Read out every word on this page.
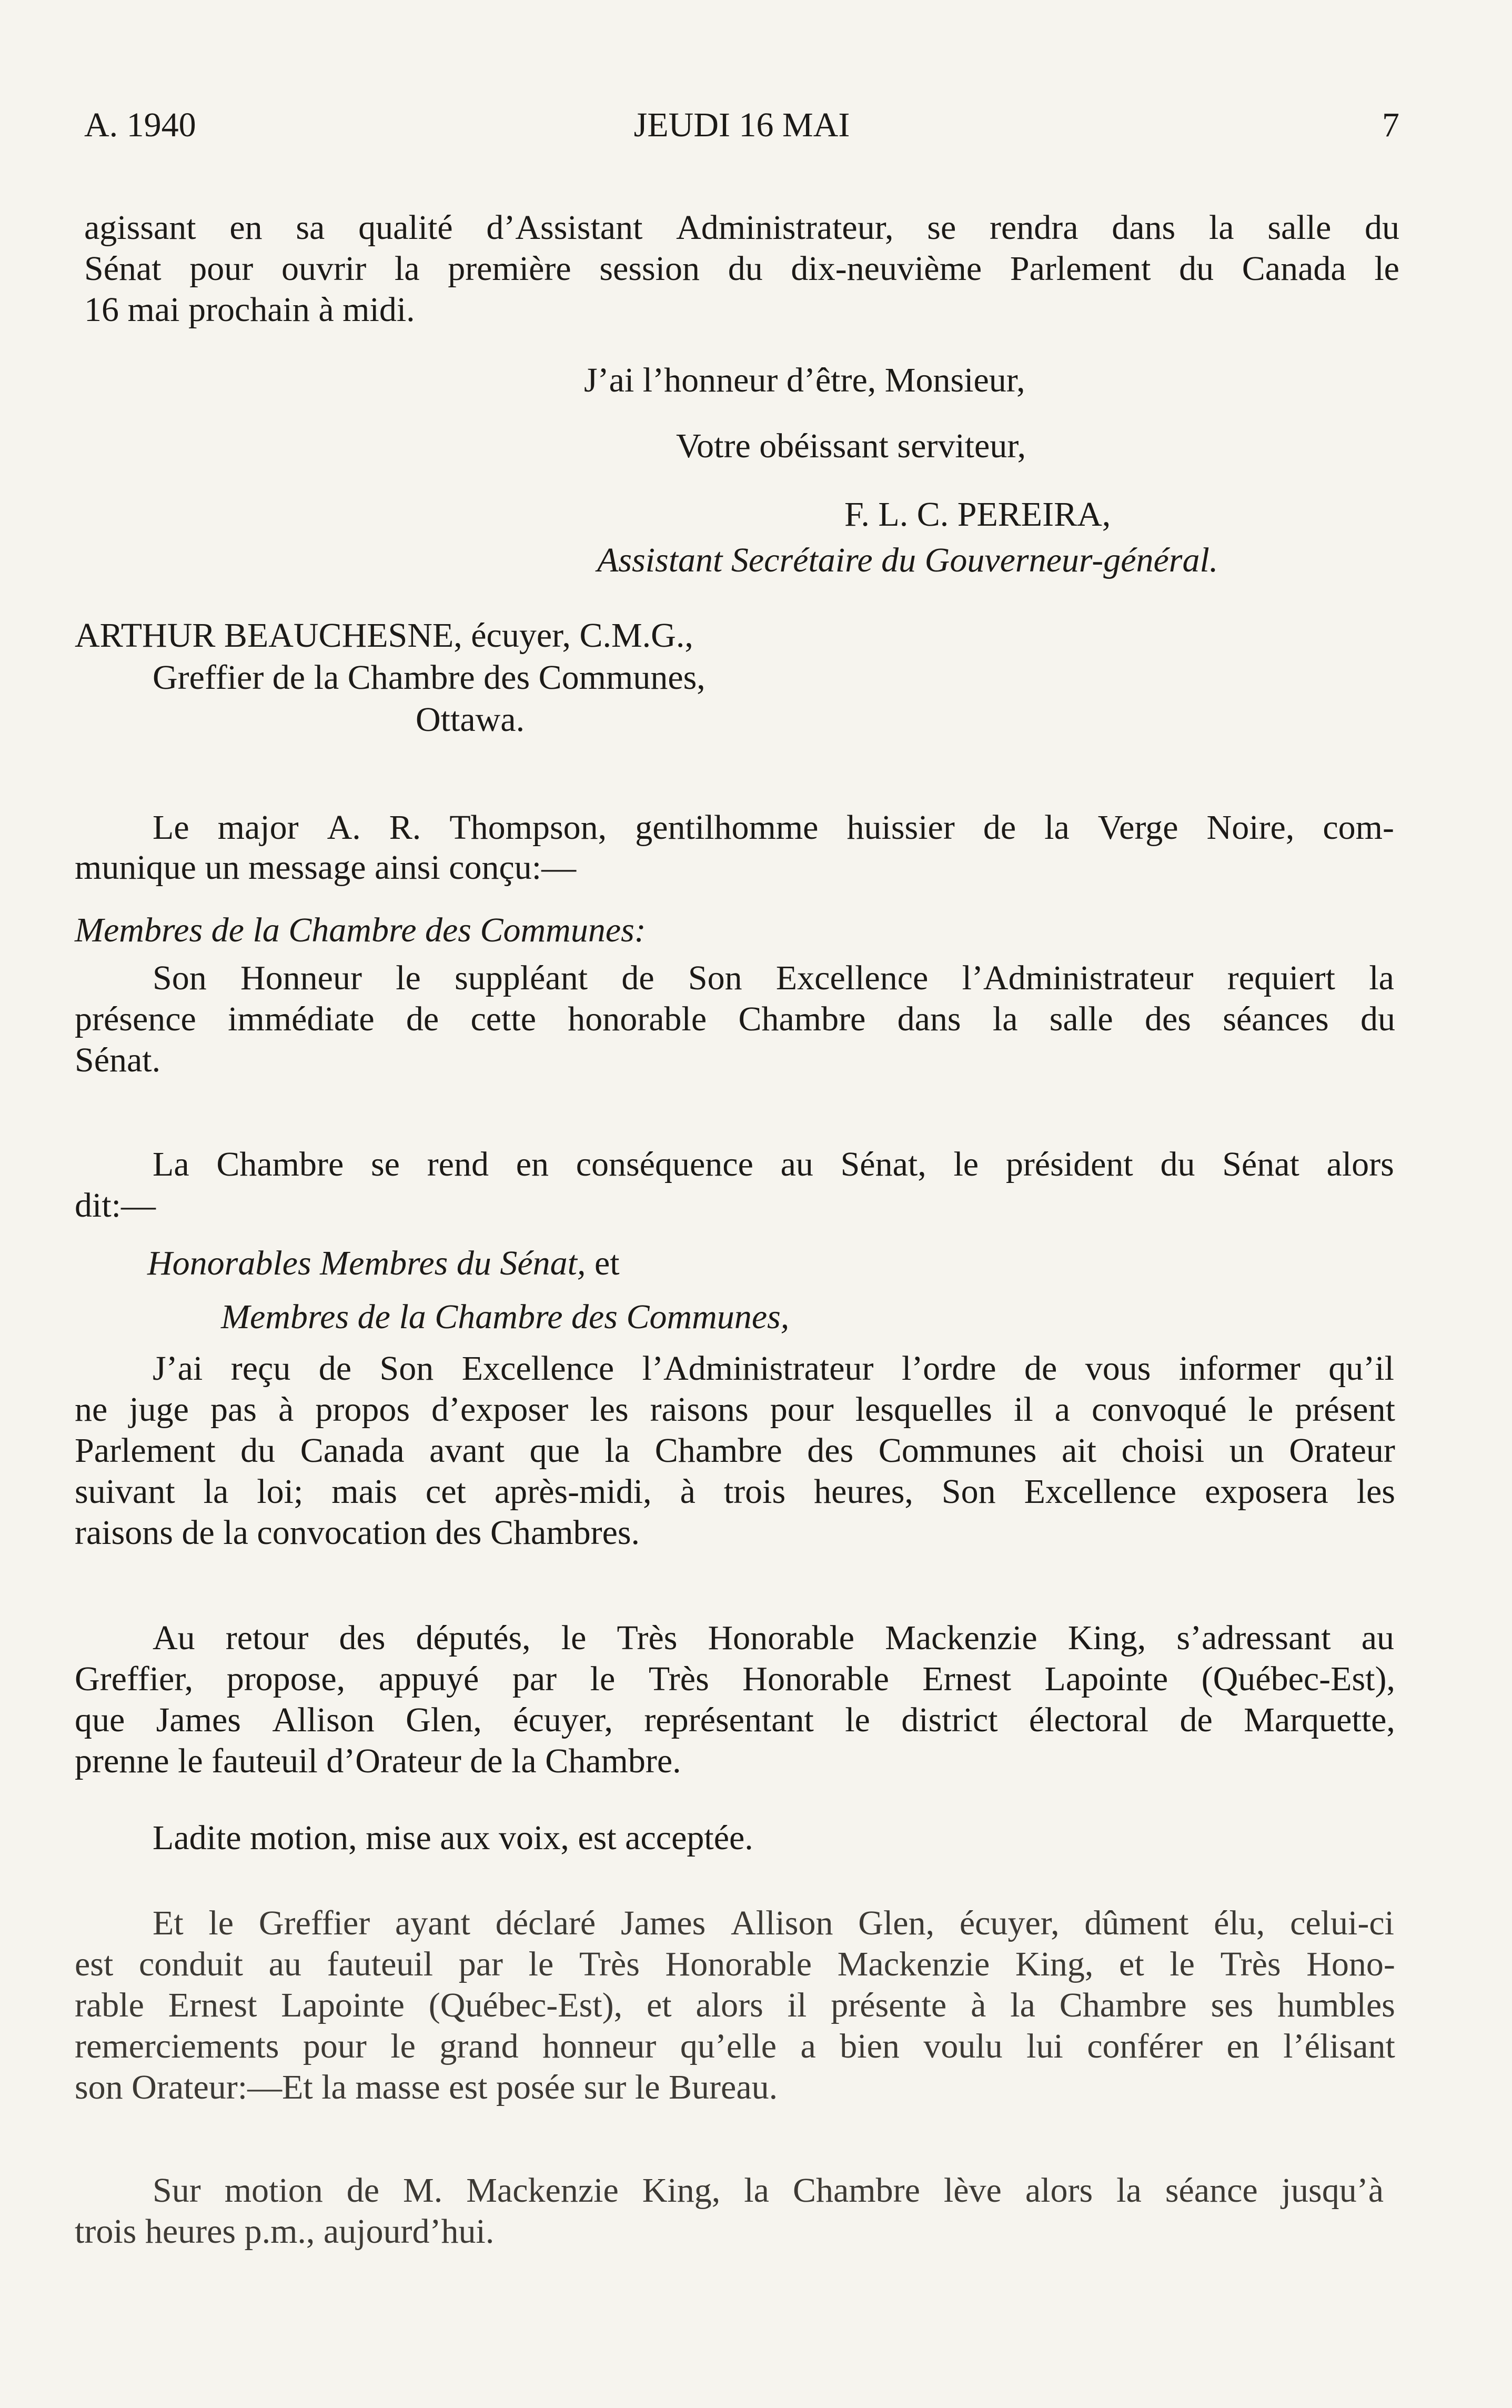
A. 1940	JEUDI 16 MAI	7
agissant en sa qualité d’Assistant Administrateur, se rendra dans la salle du
Sénat pour ouvrir la première session du dix-neuvième Parlement du Canada le
16 mai prochain à midi.
J’ai l’honneur d’être, Monsieur,
Votre obéissant serviteur,
F. L. C. PEREIRA,
Assistant Secrétaire du Gouverneur-général.
ARTHUR BEAUCHESNE, écuyer, C.M.G.,
Greffier de la Chambre des Communes,
Ottawa.
Le major A. R. Thompson, gentilhomme huissier de la Verge Noire, com-
munique un message ainsi conçu:—
Membres de la Chambre des Communes:
Son Honneur le suppléant de Son Excellence l’Administrateur requiert la
présence immédiate de cette honorable Chambre dans la salle des séances du
Sénat.
La Chambre se rend en conséquence au Sénat, le président du Sénat alors
dit:—
Honorables Membres du Sénat, et
Membres de la Chambre des Communes,
J’ai reçu de Son Excellence l’Administrateur l’ordre de vous informer qu’il
ne juge pas à propos d’exposer les raisons pour lesquelles il a convoqué le présent
Parlement du Canada avant que la Chambre des Communes ait choisi un Orateur
suivant la loi; mais cet après-midi, à trois heures, Son Excellence exposera les
raisons de la convocation des Chambres.
Au retour des députés, le Très Honorable Mackenzie King, s’adressant au
Greffier, propose, appuyé par le Très Honorable Ernest Lapointe (Québec-Est),
que James Allison Glen, écuyer, représentant le district électoral de Marquette,
prenne le fauteuil d’Orateur de la Chambre.
Ladite motion, mise aux voix, est acceptée.
Et le Greffier ayant déclaré James Allison Glen, écuyer, dûment élu, celui-ci
est conduit au fauteuil par le Très Honorable Mackenzie King, et le Très Hono-
rable Ernest Lapointe (Québec-Est), et alors il présente à la Chambre ses humbles
remerciements pour le grand honneur qu’elle a bien voulu lui conférer en l’élisant
son Orateur:—Et la masse est posée sur le Bureau.
Sur motion de M. Mackenzie King, la Chambre lève alors la séance jusqu’à
trois heures p.m., aujourd’hui.
